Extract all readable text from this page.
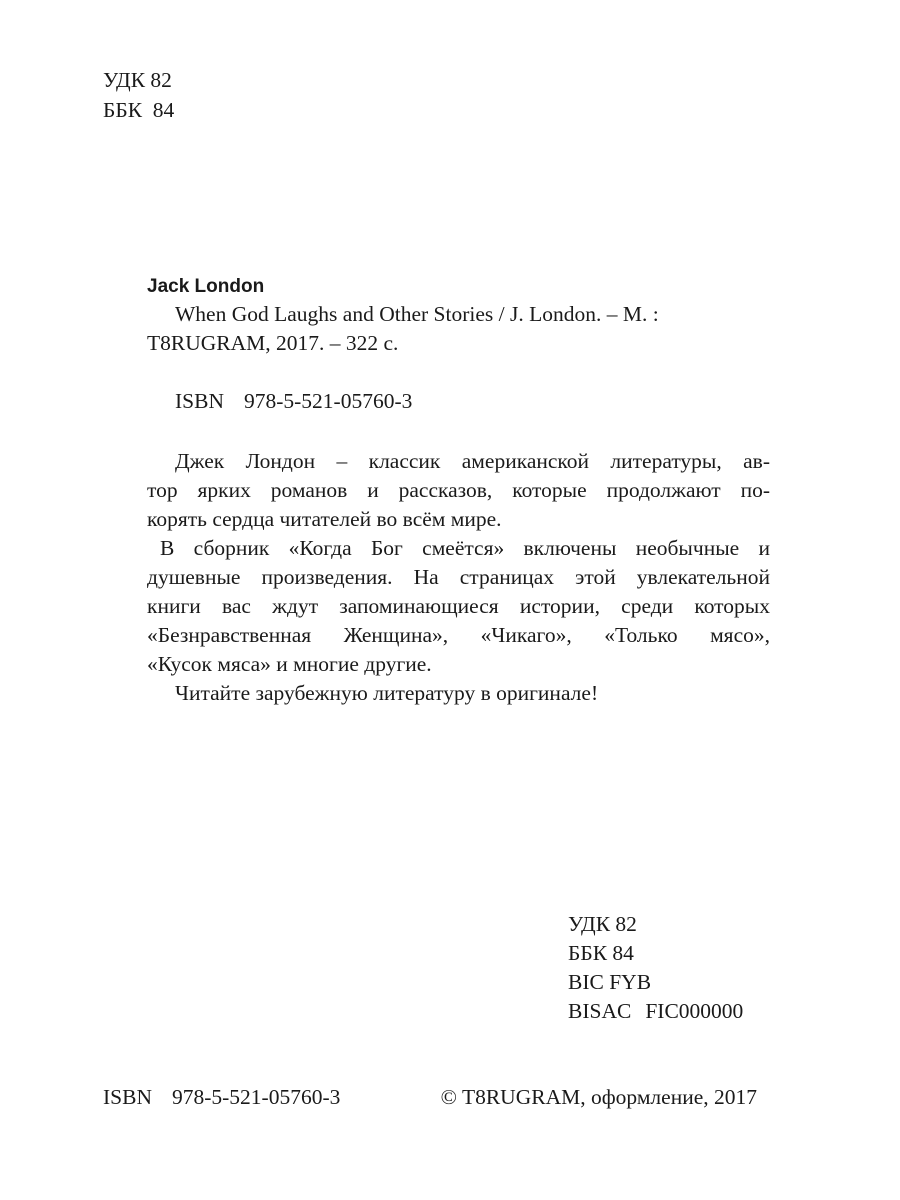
УДК 82
ББК  84
Jack London
When God Laughs and Other Stories / J. London. – M. :
T8RUGRAM, 2017. – 322 с.
ISBN 978-5-521-05760-3
Джек Лондон – классик американской литературы, ав-
тор ярких романов и рассказов, которые продолжают по-
корять сердца читателей во всём мире.
В сборник «Когда Бог смеётся» включены необычные и
душевные произведения. На страницах этой увлекательной
книги вас ждут запоминающиеся истории, среди которых
«Безнравственная Женщина», «Чикаго», «Только мясо»,
«Кусок мяса» и многие другие.
Читайте зарубежную литературу в оригинале!
УДК 82
ББК 84
BIC FYB
BISAC FIC000000
ISBN 978-5-521-05760-3	© T8RUGRAM, оформление, 2017
